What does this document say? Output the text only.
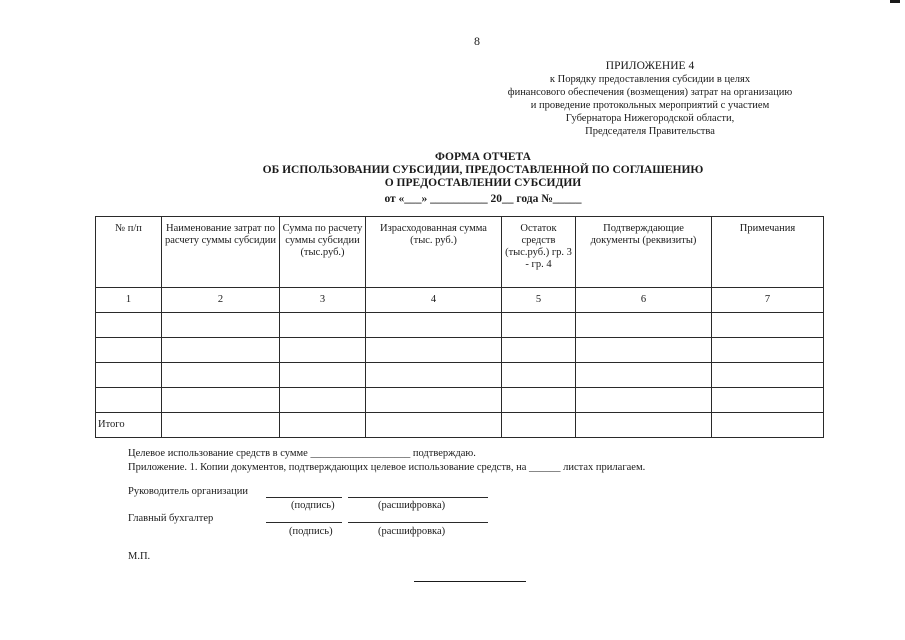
8
ПРИЛОЖЕНИЕ 4
к Порядку предоставления субсидии в целях
финансового обеспечения (возмещения) затрат на организацию
и проведение протокольных мероприятий с участием
Губернатора Нижегородской области,
Председателя Правительства
ФОРМА ОТЧЕТА
ОБ ИСПОЛЬЗОВАНИИ СУБСИДИИ, ПРЕДОСТАВЛЕННОЙ ПО СОГЛАШЕНИЮ
О ПРЕДОСТАВЛЕНИИ СУБСИДИИ
от «___» __________ 20__ года №_____
№ п/п	Наименование затрат по расчету суммы субсидии	Сумма по расчету суммы субсидии (тыс.руб.)	Израсходованная сумма (тыс. руб.)	Остаток средств (тыс.руб.) гр. 3 - гр. 4	Подтверждающие документы (реквизиты)	Примечания
1	2	3	4	5	6	7

Итого						
Целевое использование средств в сумме ___________________ подтверждаю.
Приложение. 1. Копии документов, подтверждающих целевое использование средств, на ______ листах прилагаем.
Руководитель организации
(подпись)	(расшифровка)
Главный бухгалтер
(подпись)	(расшифровка)
М.П.
